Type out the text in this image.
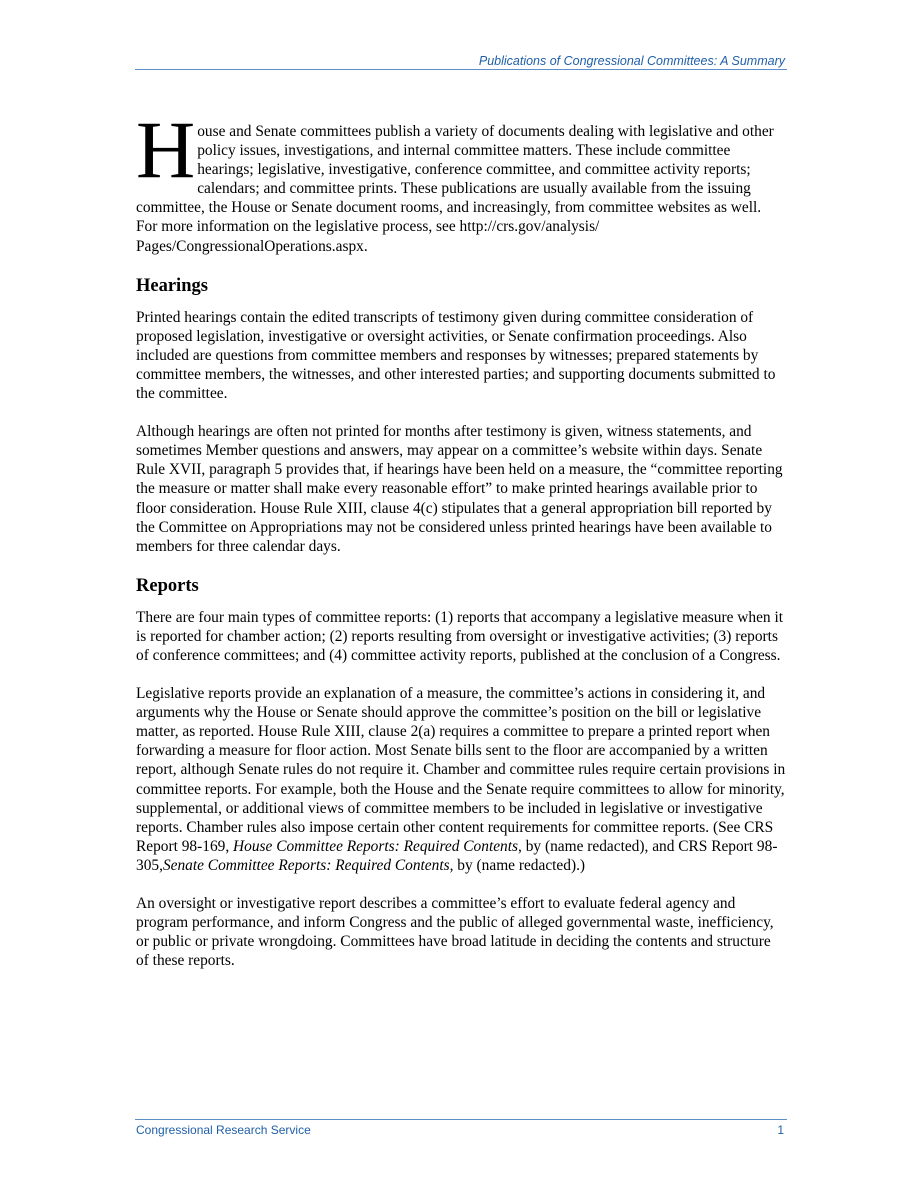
Publications of Congressional Committees: A Summary

House and Senate committees publish a variety of documents dealing with legislative and other policy issues, investigations, and internal committee matters. These include committee hearings; legislative, investigative, conference committee, and committee activity reports; calendars; and committee prints. These publications are usually available from the issuing committee, the House or Senate document rooms, and increasingly, from committee websites as well. For more information on the legislative process, see http://crs.gov/analysis/ Pages/CongressionalOperations.aspx.

Hearings

Printed hearings contain the edited transcripts of testimony given during committee consideration of proposed legislation, investigative or oversight activities, or Senate confirmation proceedings. Also included are questions from committee members and responses by witnesses; prepared statements by committee members, the witnesses, and other interested parties; and supporting documents submitted to the committee.

Although hearings are often not printed for months after testimony is given, witness statements, and sometimes Member questions and answers, may appear on a committee’s website within days. Senate Rule XVII, paragraph 5 provides that, if hearings have been held on a measure, the “committee reporting the measure or matter shall make every reasonable effort” to make printed hearings available prior to floor consideration. House Rule XIII, clause 4(c) stipulates that a general appropriation bill reported by the Committee on Appropriations may not be considered unless printed hearings have been available to members for three calendar days.

Reports

There are four main types of committee reports: (1) reports that accompany a legislative measure when it is reported for chamber action; (2) reports resulting from oversight or investigative activities; (3) reports of conference committees; and (4) committee activity reports, published at the conclusion of a Congress.

Legislative reports provide an explanation of a measure, the committee’s actions in considering it, and arguments why the House or Senate should approve the committee’s position on the bill or legislative matter, as reported. House Rule XIII, clause 2(a) requires a committee to prepare a printed report when forwarding a measure for floor action. Most Senate bills sent to the floor are accompanied by a written report, although Senate rules do not require it. Chamber and committee rules require certain provisions in committee reports. For example, both the House and the Senate require committees to allow for minority, supplemental, or additional views of committee members to be included in legislative or investigative reports. Chamber rules also impose certain other content requirements for committee reports. (See CRS Report 98-169, House Committee Reports: Required Contents, by (name redacted), and CRS Report 98-305,Senate Committee Reports: Required Contents, by (name redacted).)

An oversight or investigative report describes a committee’s effort to evaluate federal agency and program performance, and inform Congress and the public of alleged governmental waste, inefficiency, or public or private wrongdoing. Committees have broad latitude in deciding the contents and structure of these reports.

Congressional Research Service	1
